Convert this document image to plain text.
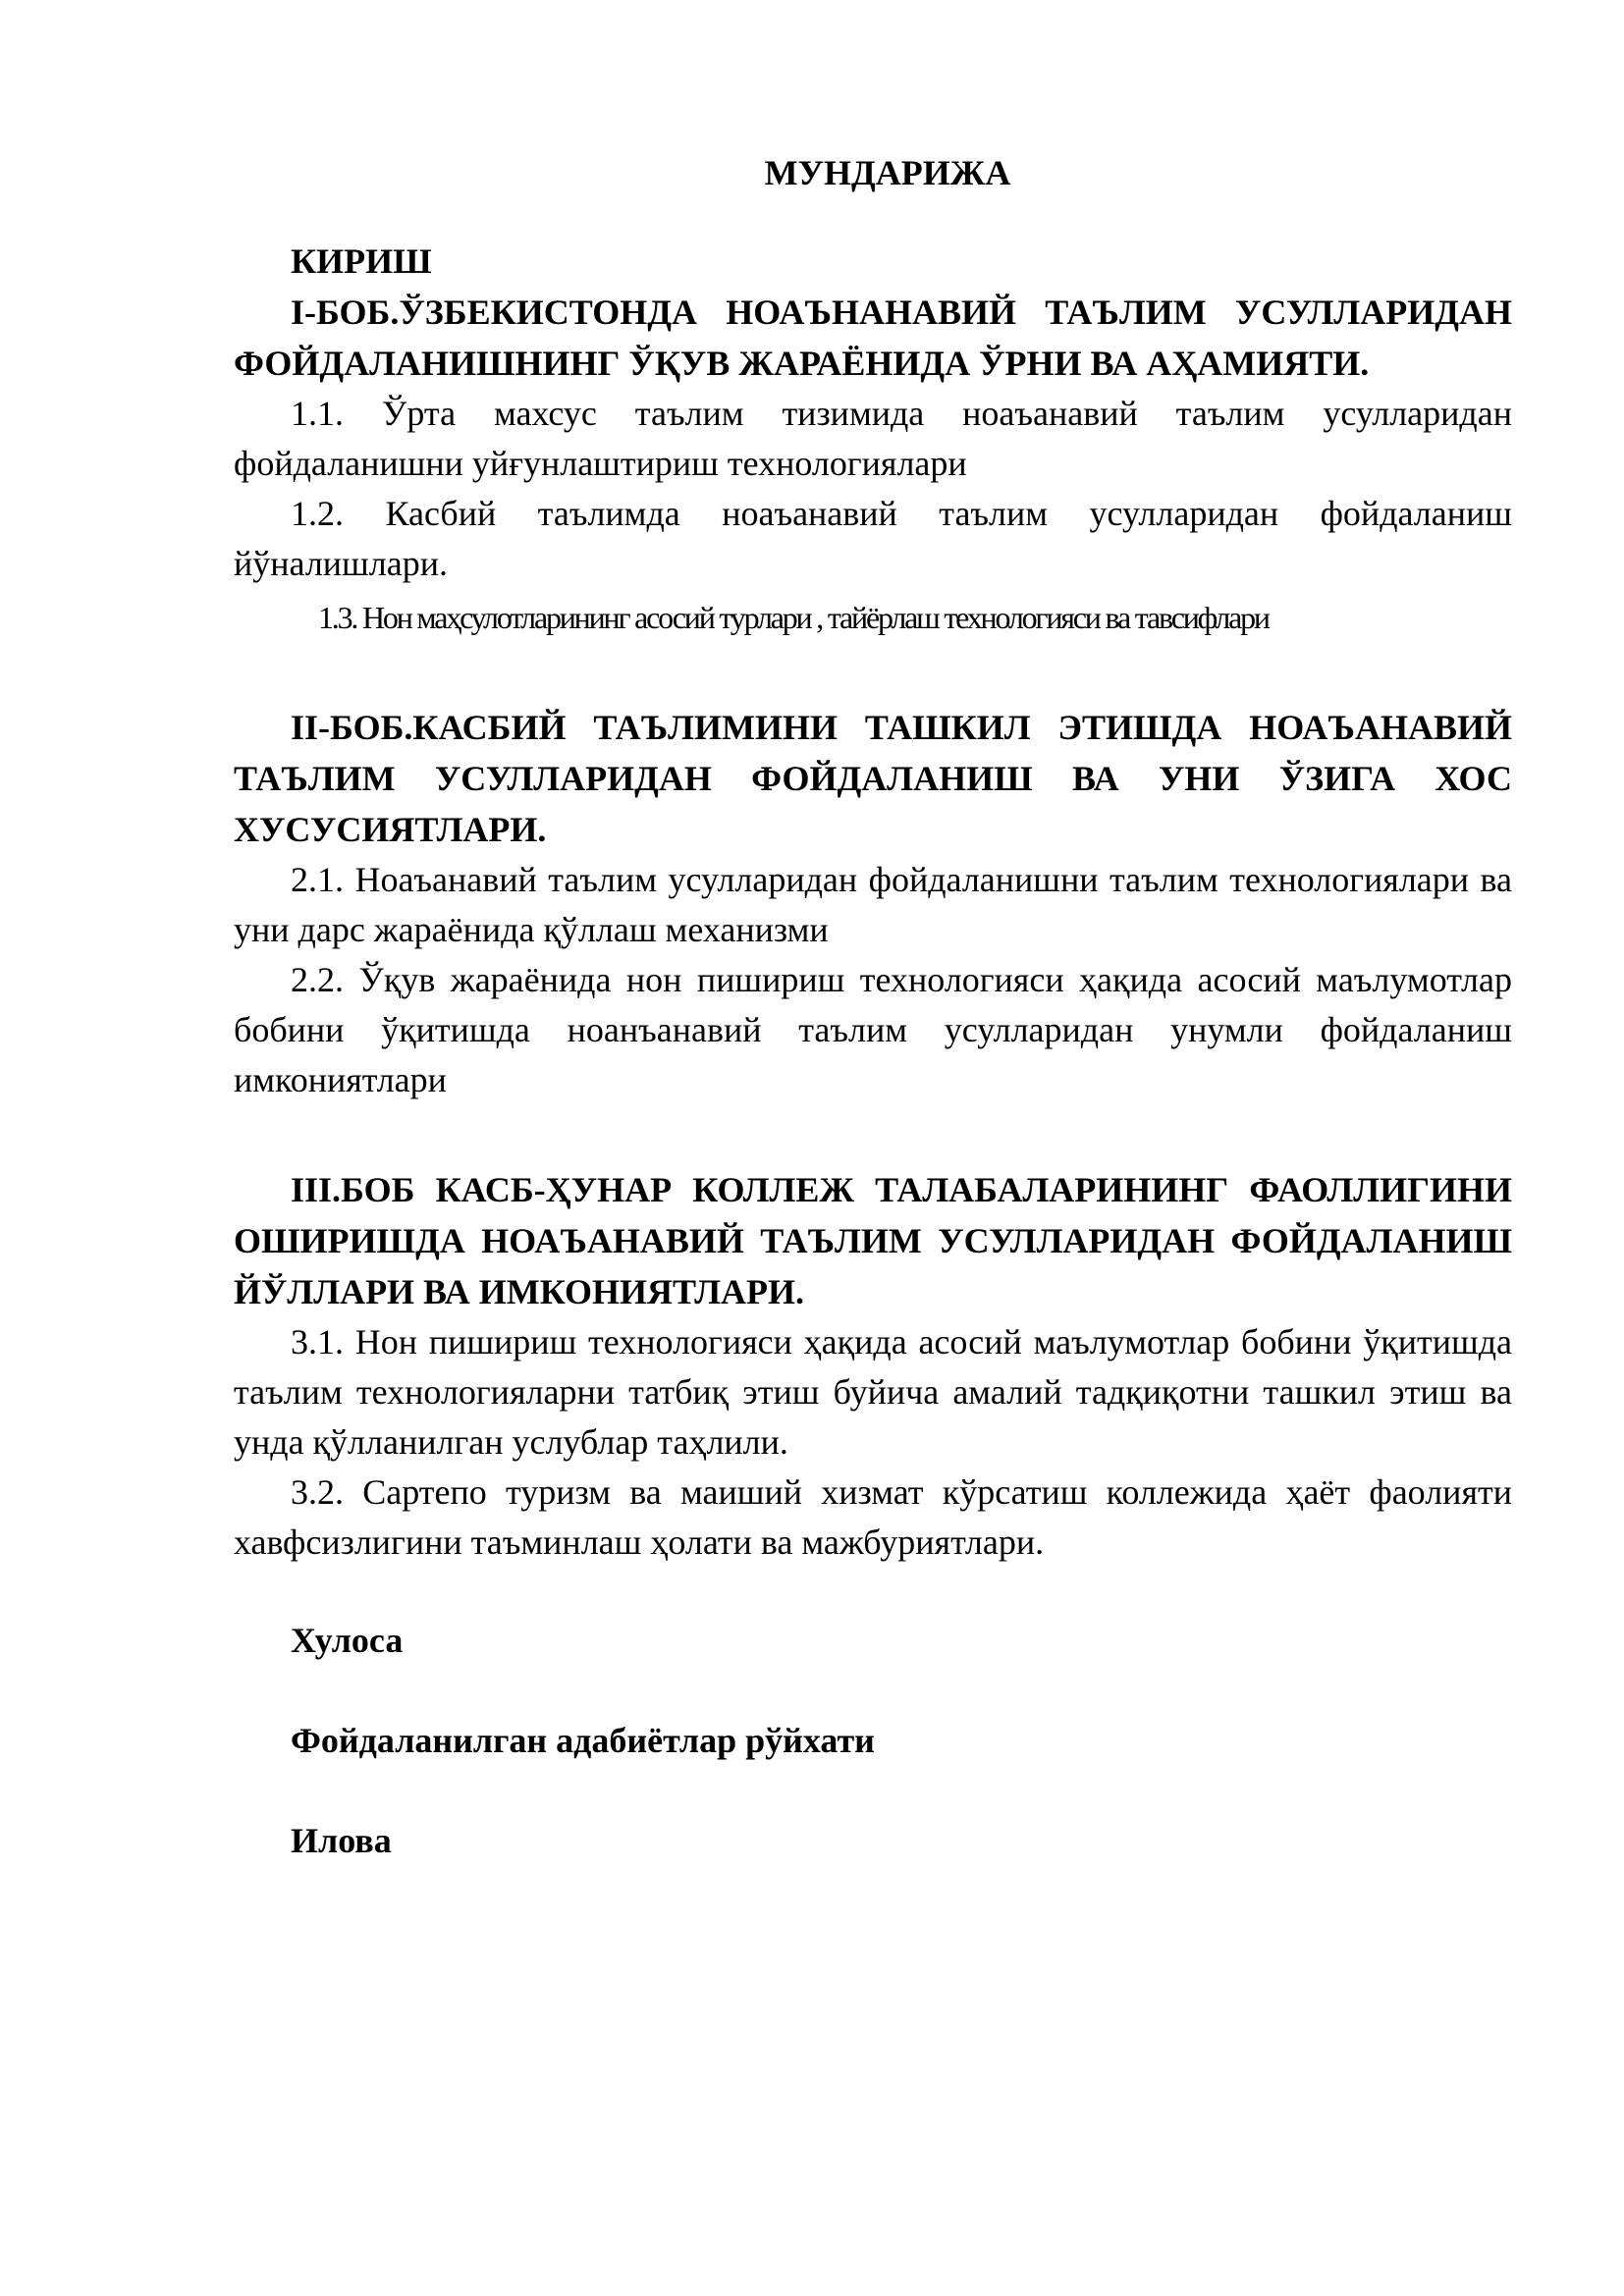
МУНДАРИЖА

КИРИШ

I-БОБ.ЎЗБЕКИСТОНДА НОАЪНАНАВИЙ ТАЪЛИМ УСУЛЛАРИДАН ФОЙДАЛАНИШНИНГ ЎҚУВ ЖАРАЁНИДА ЎРНИ ВА АҲАМИЯТИ.

1.1. Ўрта махсус таълим тизимида ноаъанавий таълим усулларидан фойдаланишни уйғунлаштириш технологиялари

1.2. Касбий таълимда ноаъанавий таълим усулларидан фойдаланиш йўналишлари.

1.3. Нон маҳсулотларининг асосий турлари , тайёрлаш технологияси ва тавсифлари

II-БОБ.КАСБИЙ ТАЪЛИМИНИ ТАШКИЛ ЭТИШДА НОАЪАНАВИЙ ТАЪЛИМ УСУЛЛАРИДАН ФОЙДАЛАНИШ ВА УНИ ЎЗИГА ХОС ХУСУСИЯТЛАРИ.

2.1. Ноаъанавий таълим усулларидан фойдаланишни таълим технологиялари ва уни дарс жараёнида қўллаш механизми

2.2. Ўқув жараёнида нон пишириш технологияси ҳақида асосий маълумотлар бобини ўқитишда ноанъанавий таълим усулларидан унумли фойдаланиш имкониятлари

III.БОБ КАСБ-ҲУНАР КОЛЛЕЖ ТАЛАБАЛАРИНИНГ ФАОЛЛИГИНИ ОШИРИШДА НОАЪАНАВИЙ ТАЪЛИМ УСУЛЛАРИДАН ФОЙДАЛАНИШ ЙЎЛЛАРИ ВА ИМКОНИЯТЛАРИ.

3.1. Нон пишириш технологияси ҳақида асосий маълумотлар бобини ўқитишда таълим технологияларни татбиқ этиш буйича амалий тадқиқотни ташкил этиш ва унда қўлланилган услублар таҳлили.

3.2. Сартепо туризм ва маиший хизмат кўрсатиш коллежида ҳаёт фаолияти хавфсизлигини таъминлаш ҳолати ва мажбуриятлари.

Хулоса

Фойдаланилган адабиётлар рўйхати

Илова
